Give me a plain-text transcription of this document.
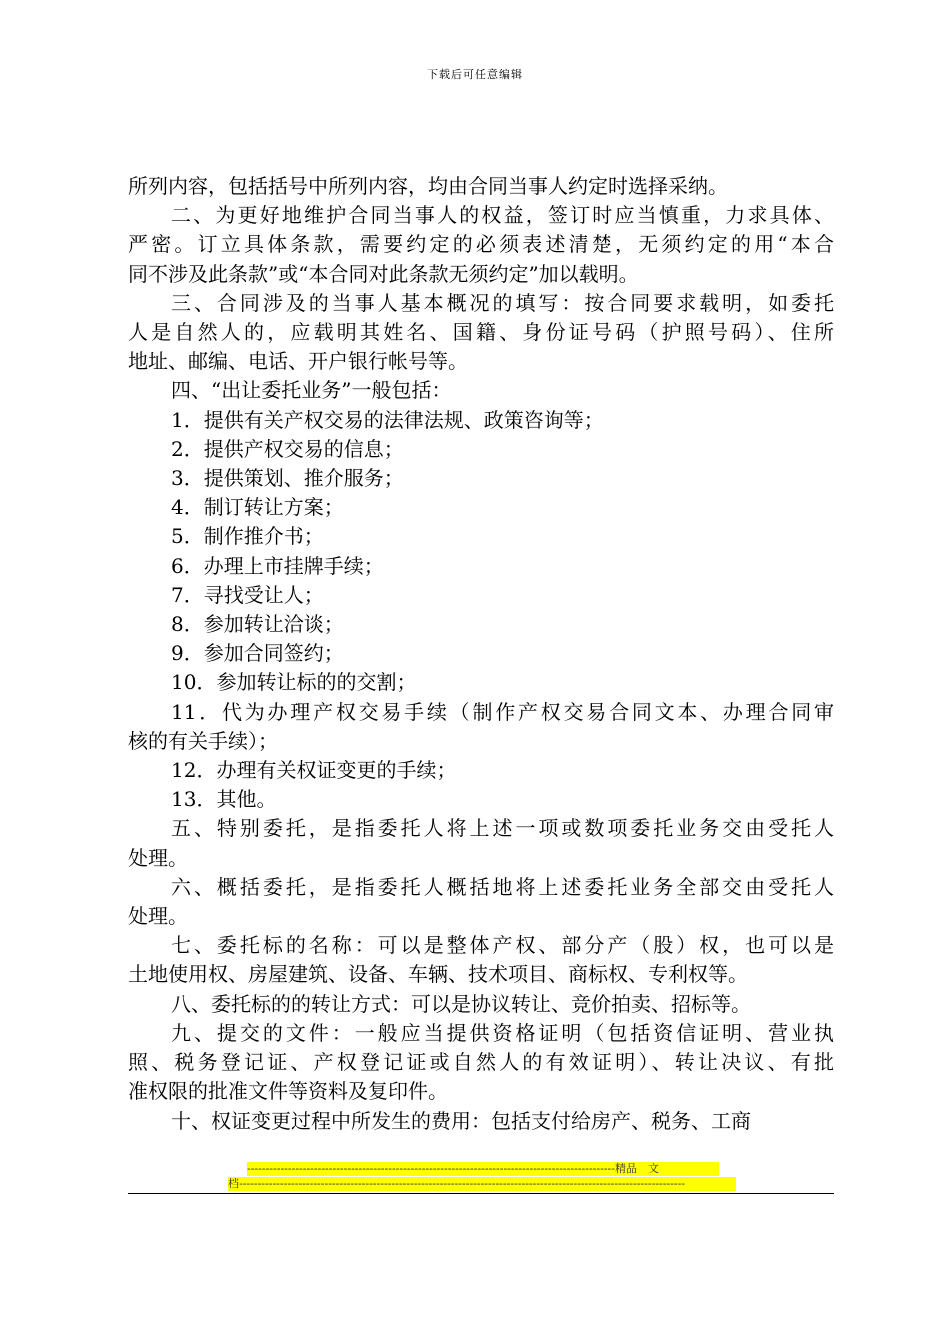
下载后可任意编辑
所列内容，包括括号中所列内容，均由合同当事人约定时选择采纳。
二、为更好地维护合同当事人的权益，签订时应当慎重，力求具体、
严密。订立具体条款，需要约定的必须表述清楚，无须约定的用“本合
同不涉及此条款”或“本合同对此条款无须约定”加以载明。
三、合同涉及的当事人基本概况的填写：按合同要求载明，如委托
人是自然人的，应载明其姓名、国籍、身份证号码（护照号码）、住所
地址、邮编、电话、开户银行帐号等。
四、“出让委托业务”一般包括：
1．提供有关产权交易的法律法规、政策咨询等；
2．提供产权交易的信息；
3．提供策划、推介服务；
4．制订转让方案；
5．制作推介书；
6．办理上市挂牌手续；
7．寻找受让人；
8．参加转让洽谈；
9．参加合同签约；
10．参加转让标的的交割；
11．代为办理产权交易手续（制作产权交易合同文本、办理合同审
核的有关手续）；
12．办理有关权证变更的手续；
13．其他。
五、特别委托，是指委托人将上述一项或数项委托业务交由受托人
处理。
六、概括委托，是指委托人概括地将上述委托业务全部交由受托人
处理。
七、委托标的名称：可以是整体产权、部分产（股）权，也可以是
土地使用权、房屋建筑、设备、车辆、技术项目、商标权、专利权等。
八、委托标的的转让方式：可以是协议转让、竞价拍卖、招标等。
九、提交的文件：一般应当提供资格证明（包括资信证明、营业执
照、税务登记证、产权登记证或自然人的有效证明）、转让决议、有批
准权限的批准文件等资料及复印件。
十、权证变更过程中所发生的费用：包括支付给房产、税务、工商
---------------------------------------------------------------------------------------------------精品　文
档------------------------------------------------------------------------------------------------------------------------
